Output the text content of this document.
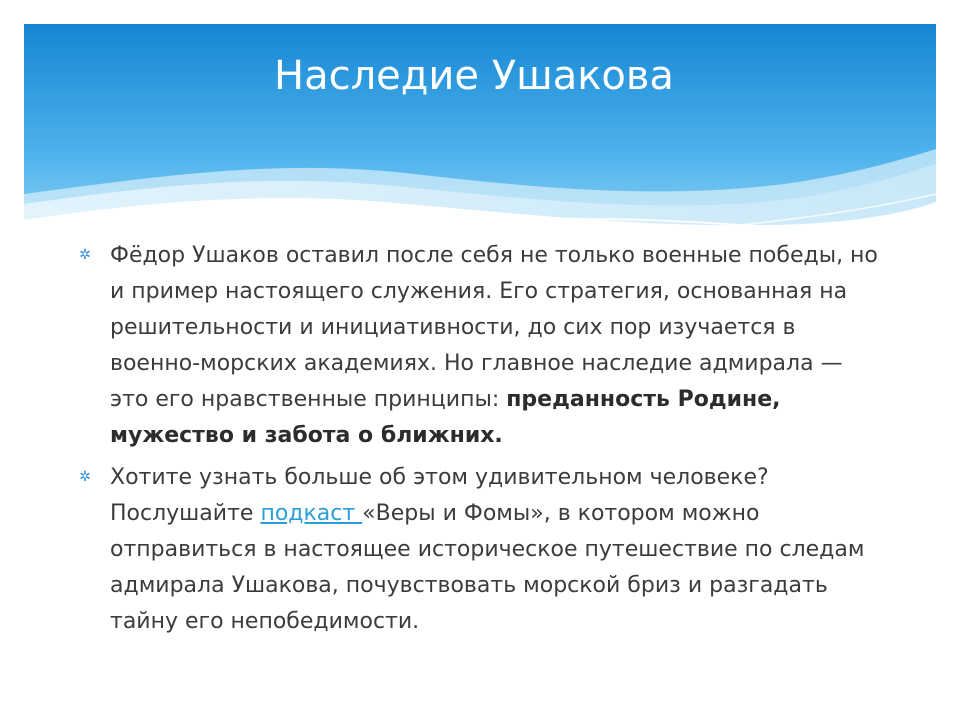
Наследие Ушакова
✲ Фёдор Ушаков оставил после себя не только военные победы, но и пример настоящего служения. Его стратегия, основанная на решительности и инициативности, до сих пор изучается в военно-морских академиях. Но главное наследие адмирала — это его нравственные принципы: преданность Родине, мужество и забота о ближних.
✲ Хотите узнать больше об этом удивительном человеке? Послушайте подкаст «Веры и Фомы», в котором можно отправиться в настоящее историческое путешествие по следам адмирала Ушакова, почувствовать морской бриз и разгадать тайну его непобедимости.
